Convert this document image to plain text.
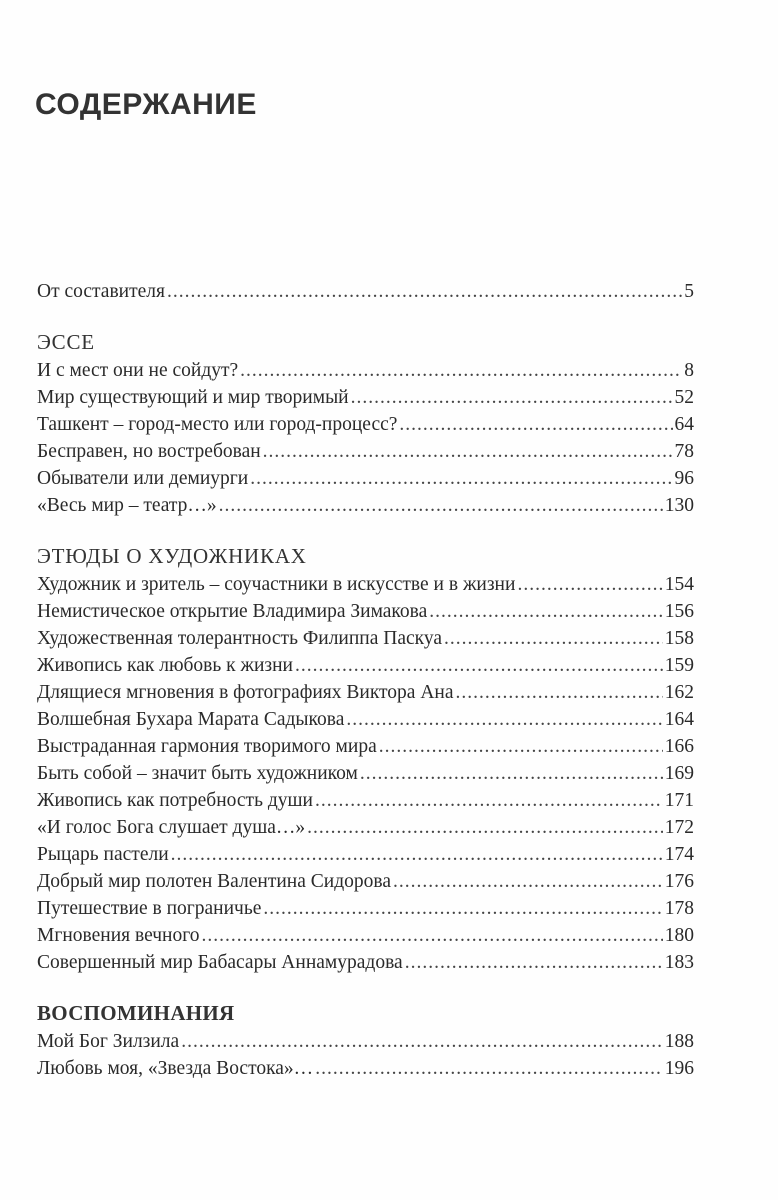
СОДЕРЖАНИЕ
От составителя .....	5
ЭССЕ
И с мест они не сойдут? .....	8
Мир существующий и мир творимый .....	52
Ташкент – город-место или город-процесс? .....	64
Бесправен, но востребован .....	78
Обыватели или демиурги .....	96
«Весь мир – театр…» .....	130
ЭТЮДЫ О ХУДОЖНИКАХ
Художник и зритель – соучастники в искусстве и в жизни .....	154
Немистическое открытие Владимира Зимакова .....	156
Художественная толерантность Филиппа Паскуа .....	158
Живопись как любовь к жизни .....	159
Длящиеся мгновения в фотографиях Виктора Ана .....	162
Волшебная Бухара Марата Садыкова .....	164
Выстраданная гармония творимого мира .....	166
Быть собой – значит быть художником .....	169
Живопись как потребность души .....	171
«И голос Бога слушает душа…» .....	172
Рыцарь пастели .....	174
Добрый мир полотен Валентина Сидорова .....	176
Путешествие в пограничье .....	178
Мгновения вечного .....	180
Совершенный мир Бабасары Аннамурадова .....	183
ВОСПОМИНАНИЯ
Мой Бог Зилзила .....	188
Любовь моя, «Звезда Востока»… .....	196
